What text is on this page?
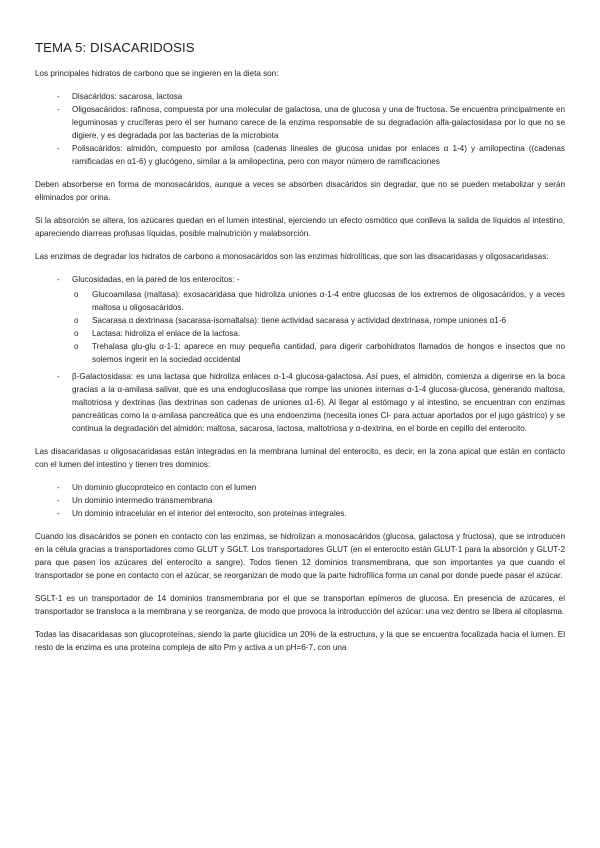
TEMA 5: DISACARIDOSIS

Los principales hidratos de carbono que se ingieren en la dieta son:

- Disacáridos: sacarosa, lactosa
- Oligosacáridos: rafinosa, compuesta por una molecular de galactosa, una de glucosa y una de fructosa. Se encuentra principalmente en leguminosas y crucíferas pero el ser humano carece de la enzima responsable de su degradación alfa-galactosidasa por lo que no se digiere, y es degradada por las bacterias de la microbiota
- Polisacáridos: almidón, compuesto por amilosa (cadenas lineales de glucosa unidas por enlaces α 1-4) y amilopectina ((cadenas ramificadas en α1-6) y glucógeno, similar a la amilopectina, pero con mayor número de ramificaciones

Deben absorberse en forma de monosacáridos, aunque a veces se absorben disacáridos sin degradar, que no se pueden metabolizar y serán eliminados por orina.

Si la absorción se altera, los azúcares quedan en el lumen intestinal, ejerciendo un efecto osmótico que conlleva la salida de líquidos al intestino, apareciendo diarreas profusas líquidas, posible malnutrición y malabsorción.

Las enzimas de degradar los hidratos de carbono a monosacáridos son las enzimas hidrolíticas, que son las disacaridasas y oligosacaridasas:

- Glucosidadas, en la pared de los enterocitos: -
o Glucoamilasa (maltasa): exosacaridasa que hidroliza uniones α-1-4 entre glucosas de los extremos de oligosacáridos, y a veces maltosa u oligosacáridos.
o Sacarasa α dextrinasa (sacarasa-isomaltalsa): tiene actividad sacarasa y actividad dextrinasa, rompe uniones α1-6
o Lactasa: hidroliza el enlace de la lactosa.
o Trehalasa glu-glu α-1-1: aparece en muy pequeña cantidad, para digerir carbohidratos llamados de hongos e insectos que no solemos ingerir en la sociedad occidental
- β-Galactosidasa: es una lactasa que hidroliza enlaces α-1-4 glucosa-galactosa. Así pues, el almidón, comienza a digerirse en la boca gracias a la α-amilasa salivar, que es una endoglucosilasa que rompe las uniones internas α-1-4 glucosa-glucosa, generando maltosa, maltotriosa y dextrinas (las dextrinas son cadenas de uniones α1-6). Al llegar al estómago y al intestino, se encuentran con enzimas pancreáticas como la α-amilasa pancreática que es una endoenzima (necesita iones Cl- para actuar aportados por el jugo gástrico) y se continua la degradación del almidón: maltosa, sacarosa, lactosa, maltotriosa y α-dextrina, en el borde en cepillo del enterocito.

Las disacaridasas u oligosacaridasas están integradas en la membrana luminal del enterocito, es decir, en la zona apical que están en contacto con el lumen del intestino y tienen tres dominios:

- Un dominio glucoproteico en contacto con el lumen
- Un dominio intermedio transmembrana
- Un dominio intracelular en el interior del enterocito, son proteínas integrales.

Cuando los disacáridos se ponen en contacto con las enzimas, se hidrolizan a monosacáridos (glucosa, galactosa y fructosa), que se introducen en la célula gracias a transportadores como GLUT y SGLT. Los transportadores GLUT (en el enterocito están GLUT-1 para la absorción y GLUT-2 para que pasen los azúcares del enterocito a sangre). Todos tienen 12 dominios transmembrana, que son importantes ya que cuando el transportador se pone en contacto con el azúcar, se reorganizan de modo que la parte hidrofílica forma un canal por donde puede pasar el azúcar.

SGLT-1 es un transportador de 14 dominios transmembrana por el que se transportan epímeros de glucosa. En presencia de azúcares, el transportador se transloca a la membrana y se reorganiza, de modo que provoca la introducción del azúcar: una vez dentro se libera al citoplasma.

Todas las disacaridasas son glucoproteínas, siendo la parte glucídica un 20% de la estructura, y la que se encuentra focalizada hacia el lumen. El resto de la enzima es una proteína compleja de alto Pm y activa a un pH=6-7, con una
